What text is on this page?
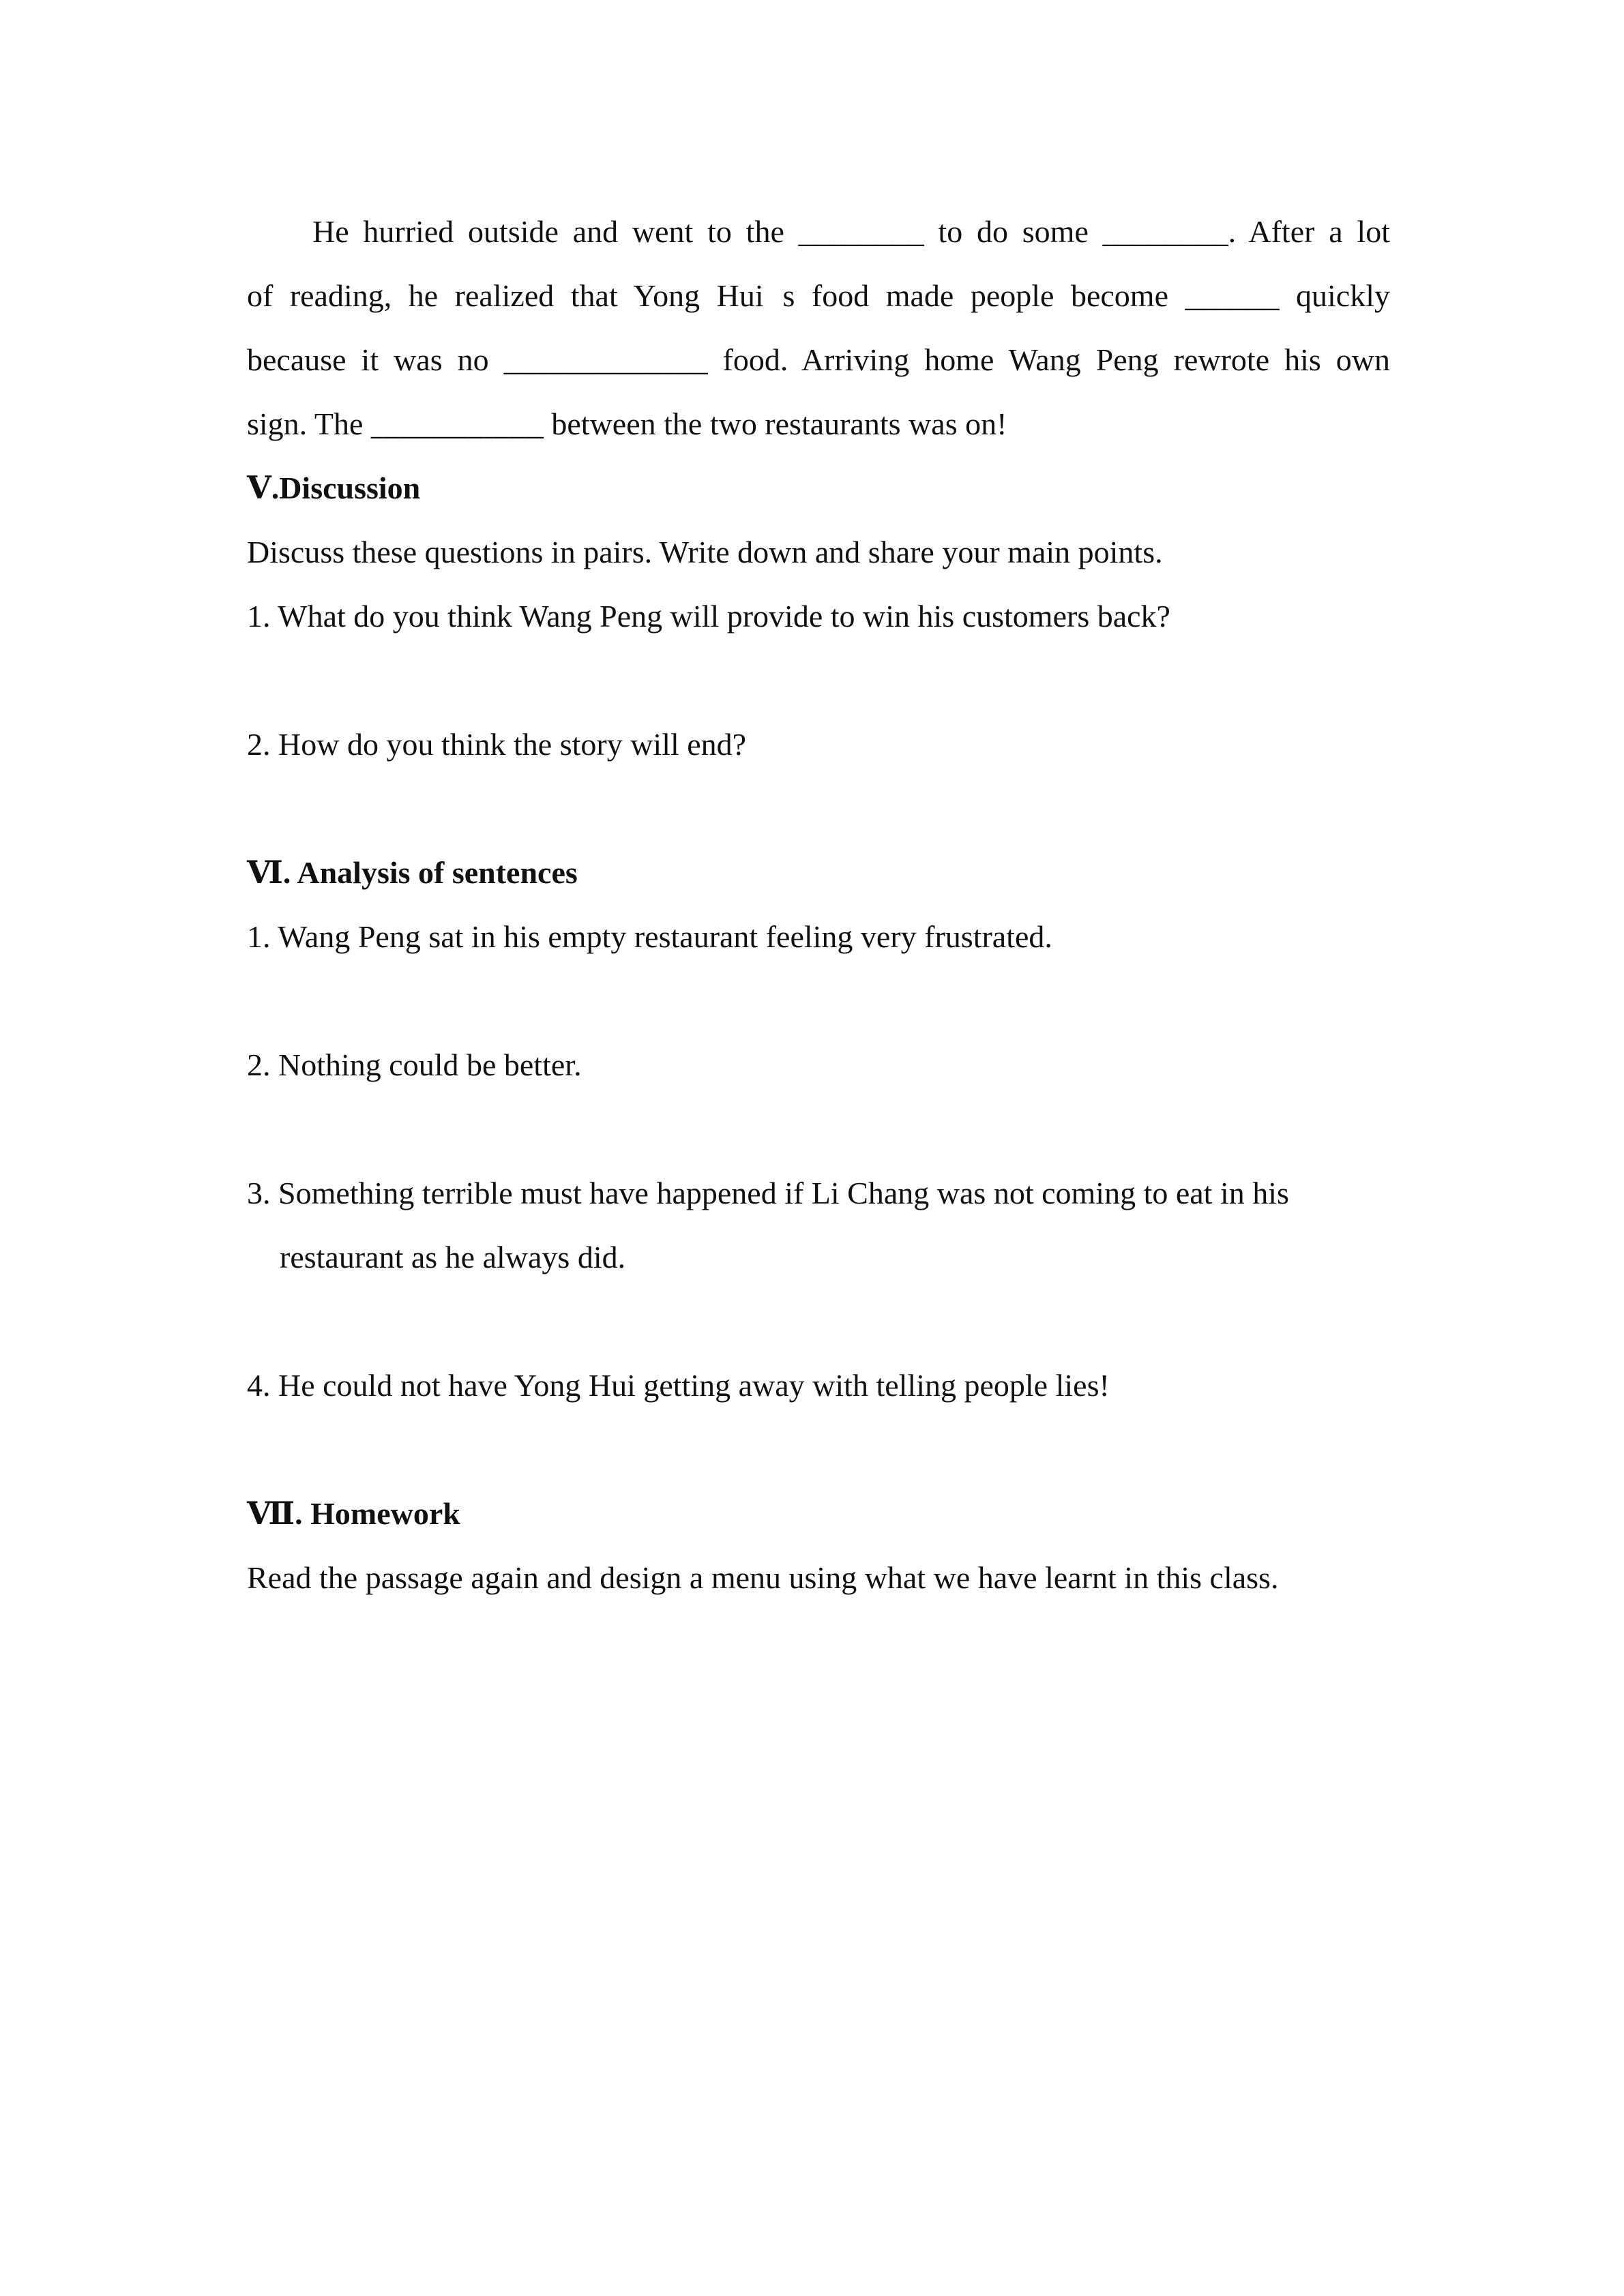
He hurried outside and went to the ________ to do some ________. After a lot
of reading, he realized that Yong Huis food made people become ______ quickly
because it was no _____________ food. Arriving home Wang Peng rewrote his own
sign. The ___________ between the two restaurants was on!
Ⅴ.Discussion
Discuss these questions in pairs. Write down and share your main points.
1. What do you think Wang Peng will provide to win his customers back?
2. How do you think the story will end?
Ⅵ. Analysis of sentences
1. Wang Peng sat in his empty restaurant feeling very frustrated.
2. Nothing could be better.
3. Something terrible must have happened if Li Chang was not coming to eat in his
restaurant as he always did.
4. He could not have Yong Hui getting away with telling people lies!
Ⅶ. Homework
Read the passage again and design a menu using what we have learnt in this class.
